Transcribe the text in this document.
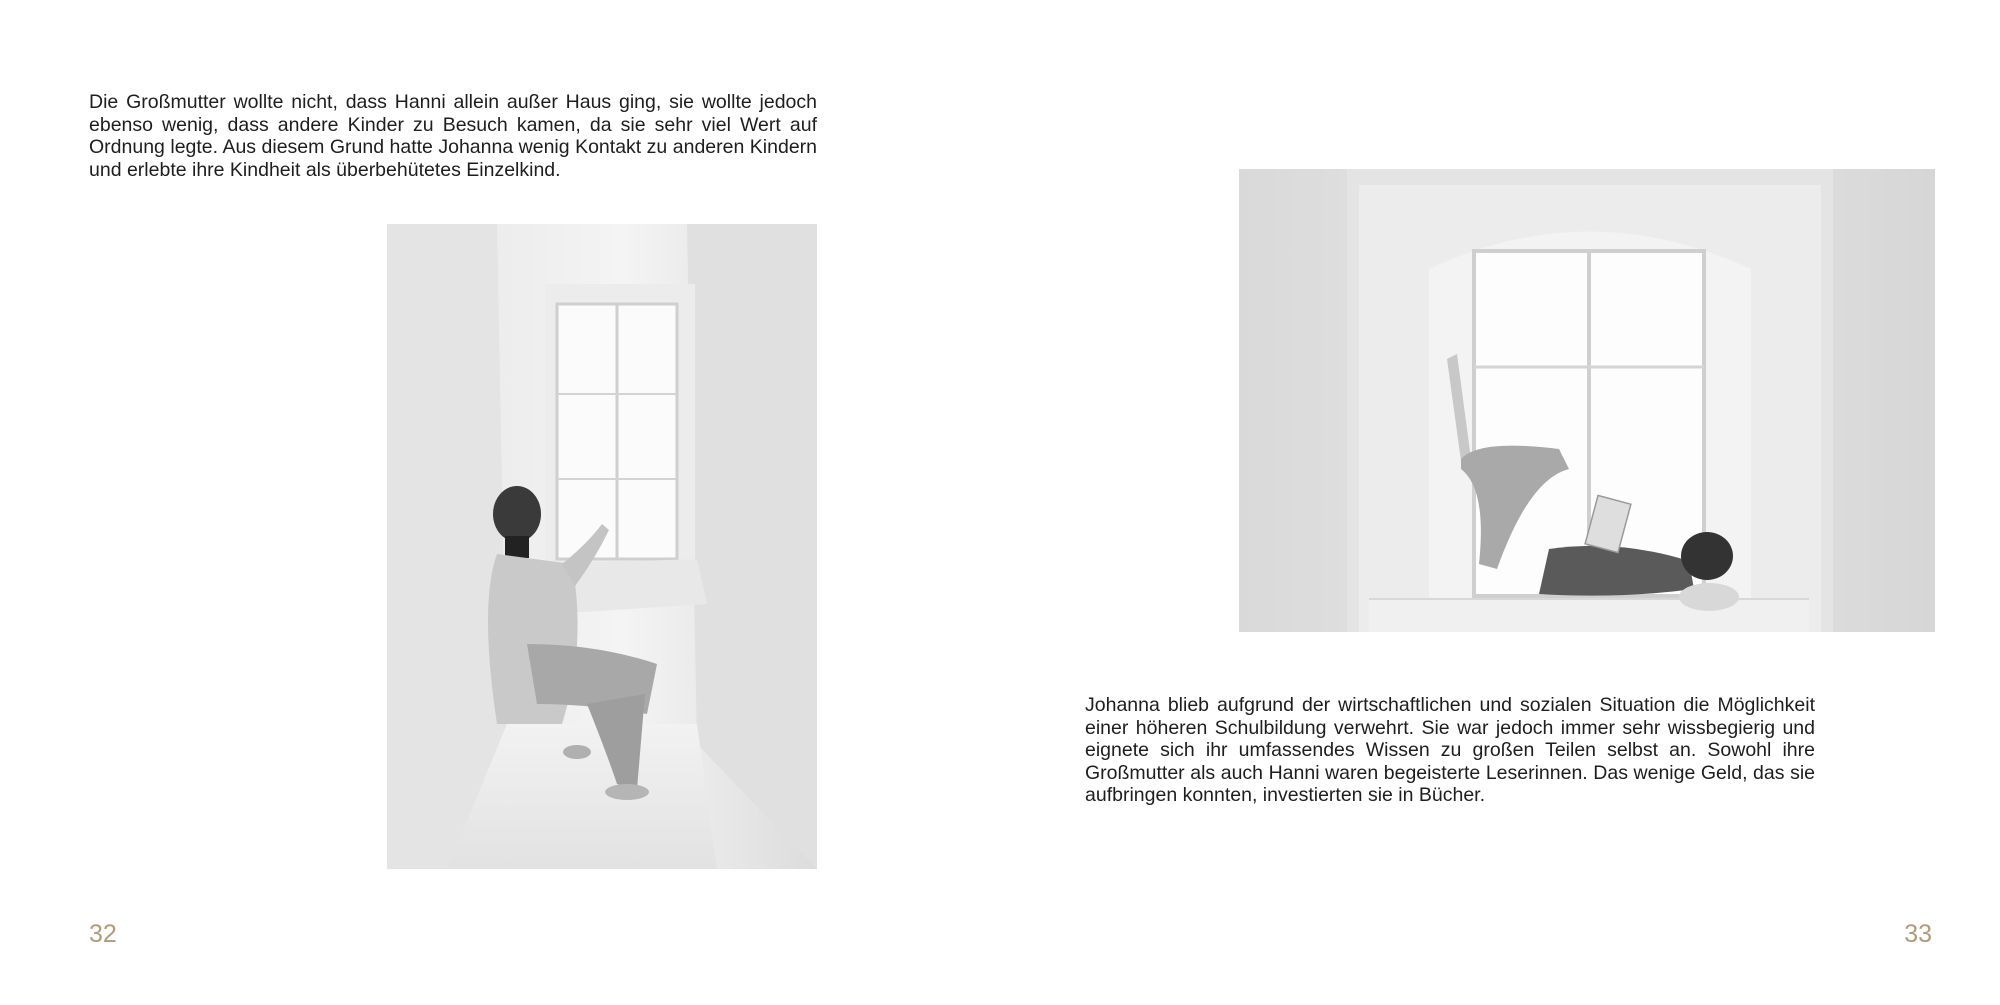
Die Großmutter wollte nicht, dass Hanni allein außer Haus ging, sie wollte jedoch ebenso wenig, dass andere Kinder zu Besuch kamen, da sie sehr viel Wert auf Ordnung legte. Aus diesem Grund hatte Johanna wenig Kontakt zu anderen Kindern und erlebte ihre Kindheit als überbehütetes Einzelkind.

32

Johanna blieb aufgrund der wirtschaftlichen und sozialen Situation die Möglichkeit einer höheren Schulbildung verwehrt. Sie war jedoch immer sehr wissbegierig und eignete sich ihr umfassendes Wissen zu großen Teilen selbst an. Sowohl ihre Großmutter als auch Hanni waren begeisterte Leserinnen. Das wenige Geld, das sie aufbringen konnten, investierten sie in Bücher.

33
